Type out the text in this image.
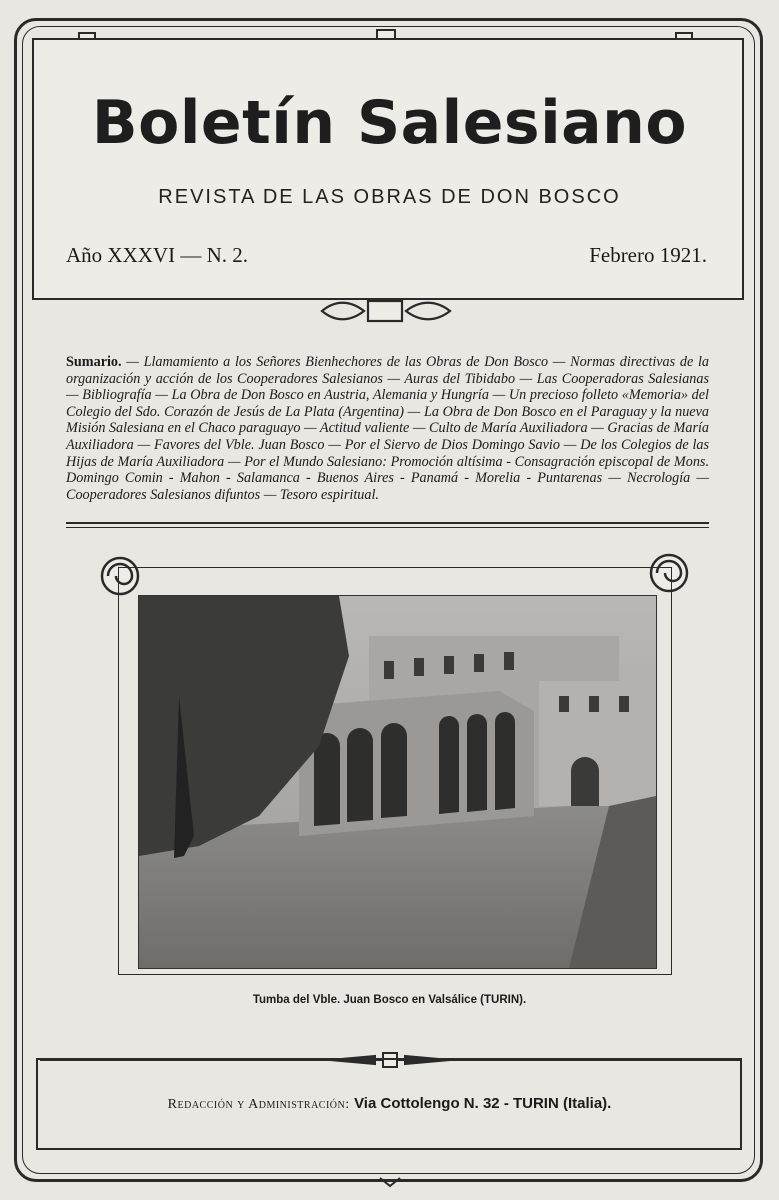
Boletín Salesiano
REVISTA DE LAS OBRAS DE DON BOSCO
Año XXXVI — N. 2.	Febrero 1921.
Sumario. — Llamamiento a los Señores Bienhechores de las Obras de Don Bosco — Normas directivas de la organización y acción de los Cooperadores Salesianos — Auras del Tibidabo — Las Cooperadoras Salesianas — Bibliografía — La Obra de Don Bosco en Austria, Alemania y Hungría — Un precioso folleto «Memoria» del Colegio del Sdo. Corazón de Jesús de La Plata (Argentina) — La Obra de Don Bosco en el Paraguay y la nueva Misión Salesiana en el Chaco paraguayo — Actitud valiente — Culto de María Auxiliadora — Gracias de María Auxiliadora — Favores del Vble. Juan Bosco — Por el Siervo de Dios Domingo Savio — De los Colegios de las Hijas de María Auxiliadora — Por el Mundo Salesiano: Promoción altísima - Consagración episcopal de Mons. Domingo Comin - Mahon - Salamanca - Buenos Aires - Panamá - Morelia - Puntarenas — Necrología — Cooperadores Salesianos difuntos — Tesoro espiritual.
Tumba del Vble. Juan Bosco en Valsálice (TURIN).
Redacción y Administración: Via Cottolengo N. 32 - TURIN (Italia).
